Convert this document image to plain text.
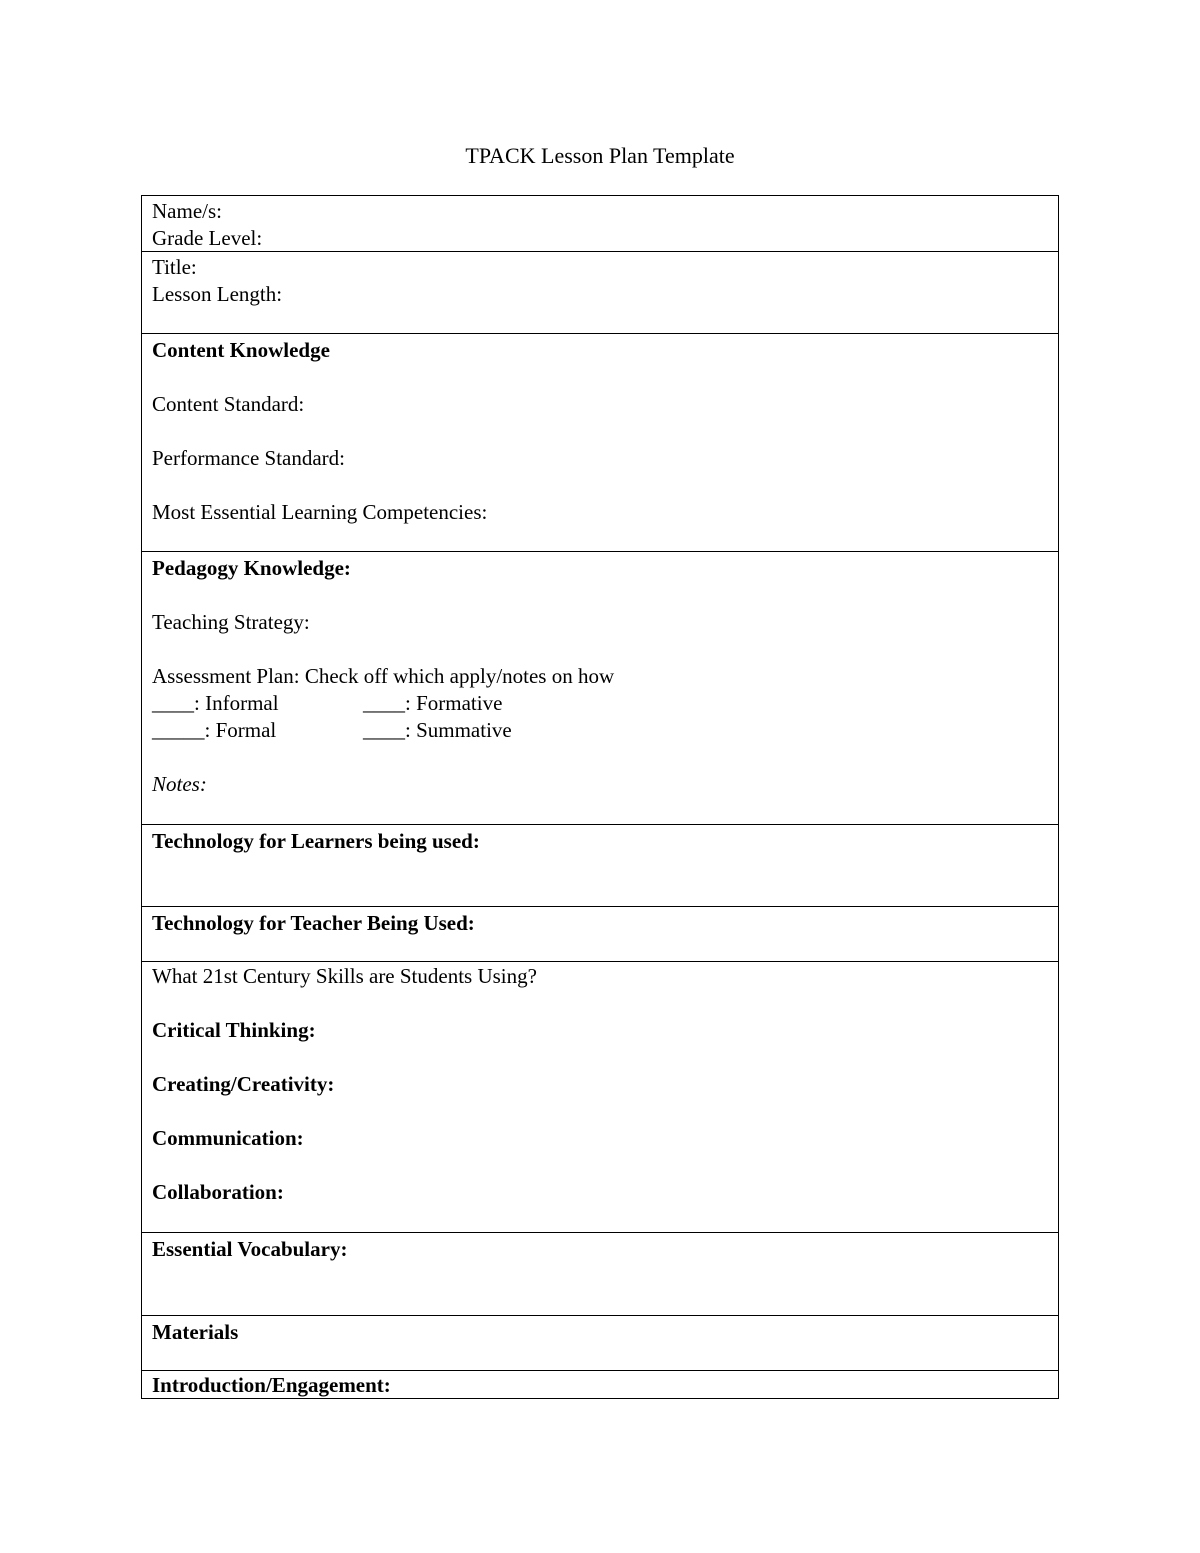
TPACK Lesson Plan Template
Name/s:
Grade Level:
Title:
Lesson Length:
Content Knowledge
Content Standard:
Performance Standard:
Most Essential Learning Competencies:
Pedagogy Knowledge:
Teaching Strategy:
Assessment Plan: Check off which apply/notes on how
____: Informal	____: Formative
_____: Formal	____: Summative
Notes:
Technology for Learners being used:
Technology for Teacher Being Used:
What 21st Century Skills are Students Using?
Critical Thinking:
Creating/Creativity:
Communication:
Collaboration:
Essential Vocabulary:
Materials
Introduction/Engagement:
